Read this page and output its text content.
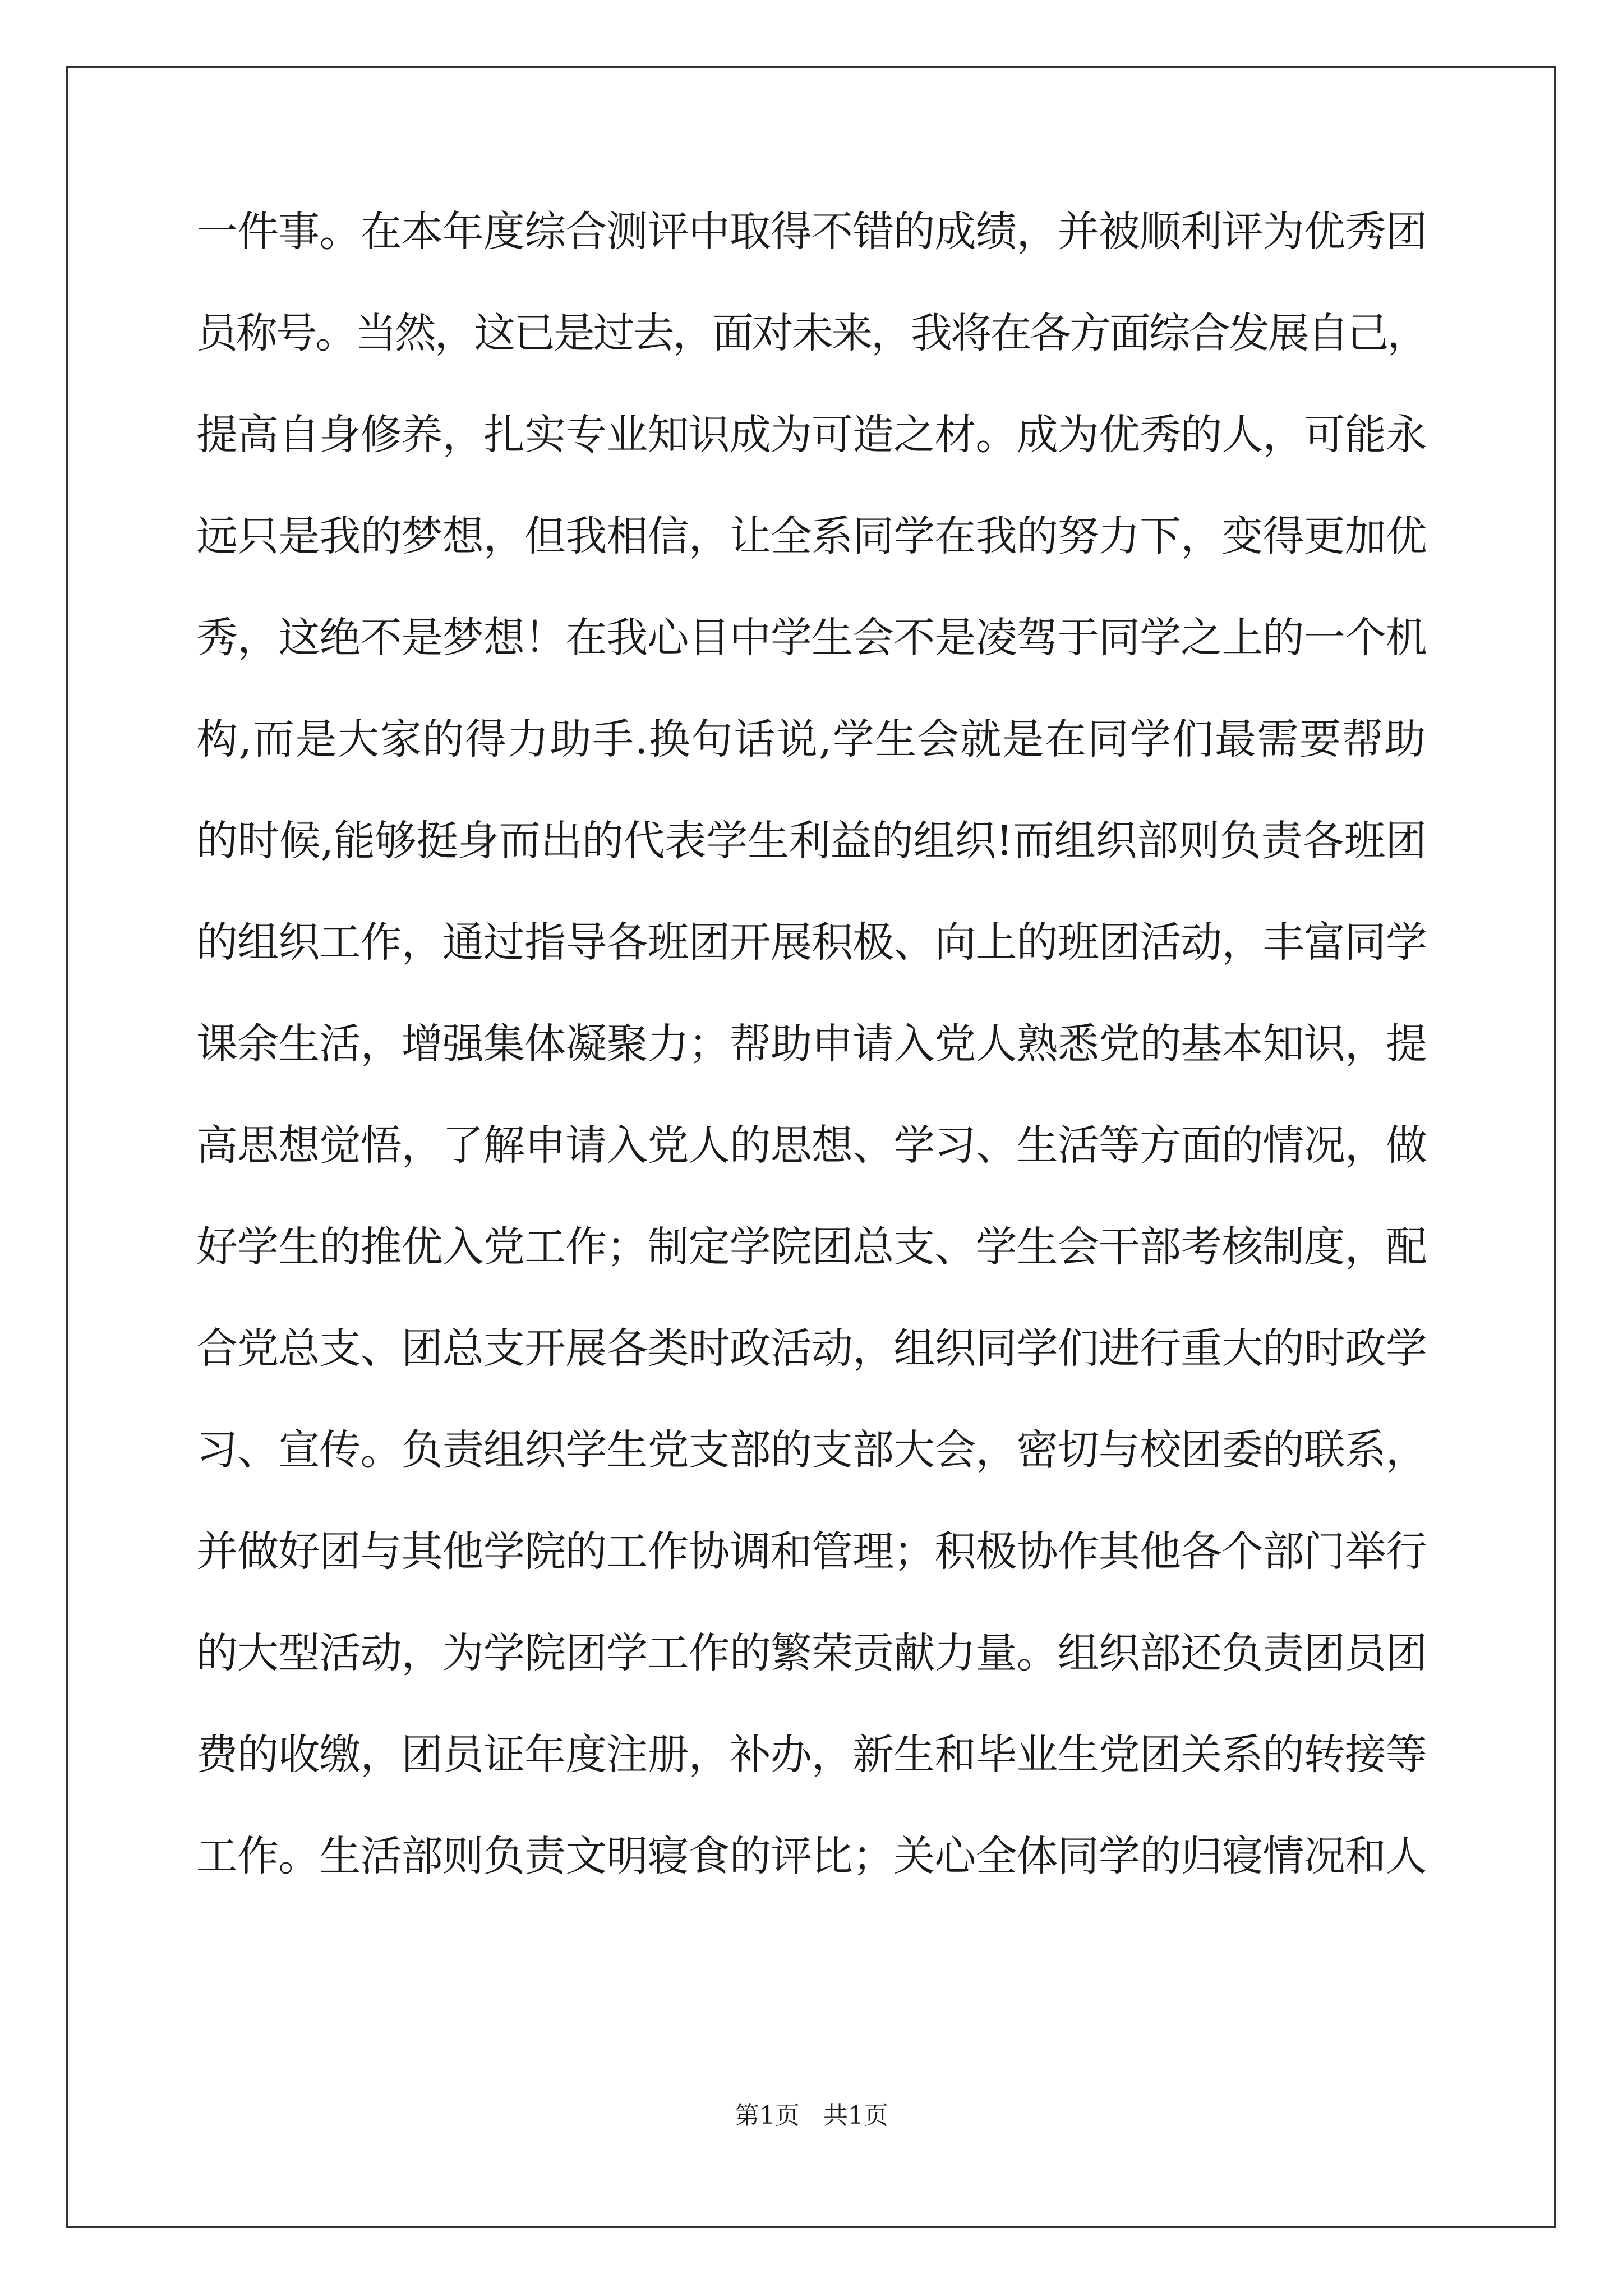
一件事。在本年度综合测评中取得不错的成绩，并被顺利评为优秀团
员称号。当然，这已是过去，面对未来，我将在各方面综合发展自己，
提高自身修养，扎实专业知识成为可造之材。成为优秀的人，可能永
远只是我的梦想，但我相信，让全系同学在我的努力下，变得更加优
秀，这绝不是梦想！在我心目中学生会不是凌驾于同学之上的一个机
构,而是大家的得力助手.换句话说,学生会就是在同学们最需要帮助
的时候,能够挺身而出的代表学生利益的组织!而组织部则负责各班团
的组织工作，通过指导各班团开展积极、向上的班团活动，丰富同学
课余生活，增强集体凝聚力；帮助申请入党人熟悉党的基本知识，提
高思想觉悟，了解申请入党人的思想、学习、生活等方面的情况，做
好学生的推优入党工作；制定学院团总支、学生会干部考核制度，配
合党总支、团总支开展各类时政活动，组织同学们进行重大的时政学
习、宣传。负责组织学生党支部的支部大会，密切与校团委的联系，
并做好团与其他学院的工作协调和管理；积极协作其他各个部门举行
的大型活动，为学院团学工作的繁荣贡献力量。组织部还负责团员团
费的收缴，团员证年度注册，补办，新生和毕业生党团关系的转接等
工作。生活部则负责文明寝食的评比；关心全体同学的归寝情况和人
第1页   共1页
